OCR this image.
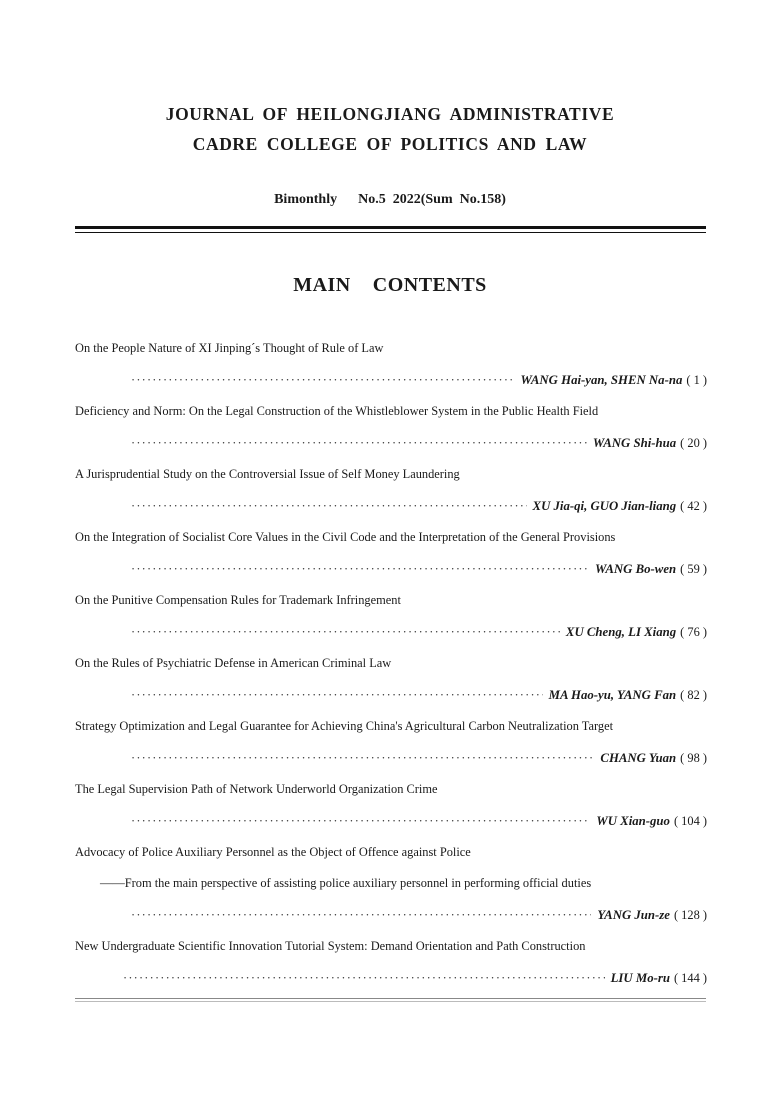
JOURNAL OF HEILONGJIANG ADMINISTRATIVE
CADRE COLLEGE OF POLITICS AND LAW
Bimonthly No.5  2022(Sum  No.158)
MAIN    CONTENTS
On the People Nature of XI Jinping´s Thought of Rule of Law
·····
WANG Hai-yan, SHEN Na-na ( 1 )
Deficiency and Norm: On the Legal Construction of the Whistleblower System in the Public Health Field
·····
WANG Shi-hua ( 20 )
A Jurisprudential Study on the Controversial Issue of Self Money Laundering
·····
XU Jia-qi, GUO Jian-liang ( 42 )
On the Integration of Socialist Core Values in the Civil Code and the Interpretation of the General Provisions
·····
WANG Bo-wen ( 59 )
On the Punitive Compensation Rules for Trademark Infringement
·····
XU Cheng, LI Xiang ( 76 )
On the Rules of Psychiatric Defense in American Criminal Law
·····
MA Hao-yu, YANG Fan ( 82 )
Strategy Optimization and Legal Guarantee for Achieving China's Agricultural Carbon Neutralization Target
·····
CHANG Yuan ( 98 )
The Legal Supervision Path of Network Underworld Organization Crime
·····
WU Xian-guo ( 104 )
Advocacy of Police Auxiliary Personnel as the Object of Offence against Police
——From the main perspective of assisting police auxiliary personnel in performing official duties
·····
YANG Jun-ze ( 128 )
New Undergraduate Scientific Innovation Tutorial System: Demand Orientation and Path Construction
·····
LIU Mo-ru ( 144 )
